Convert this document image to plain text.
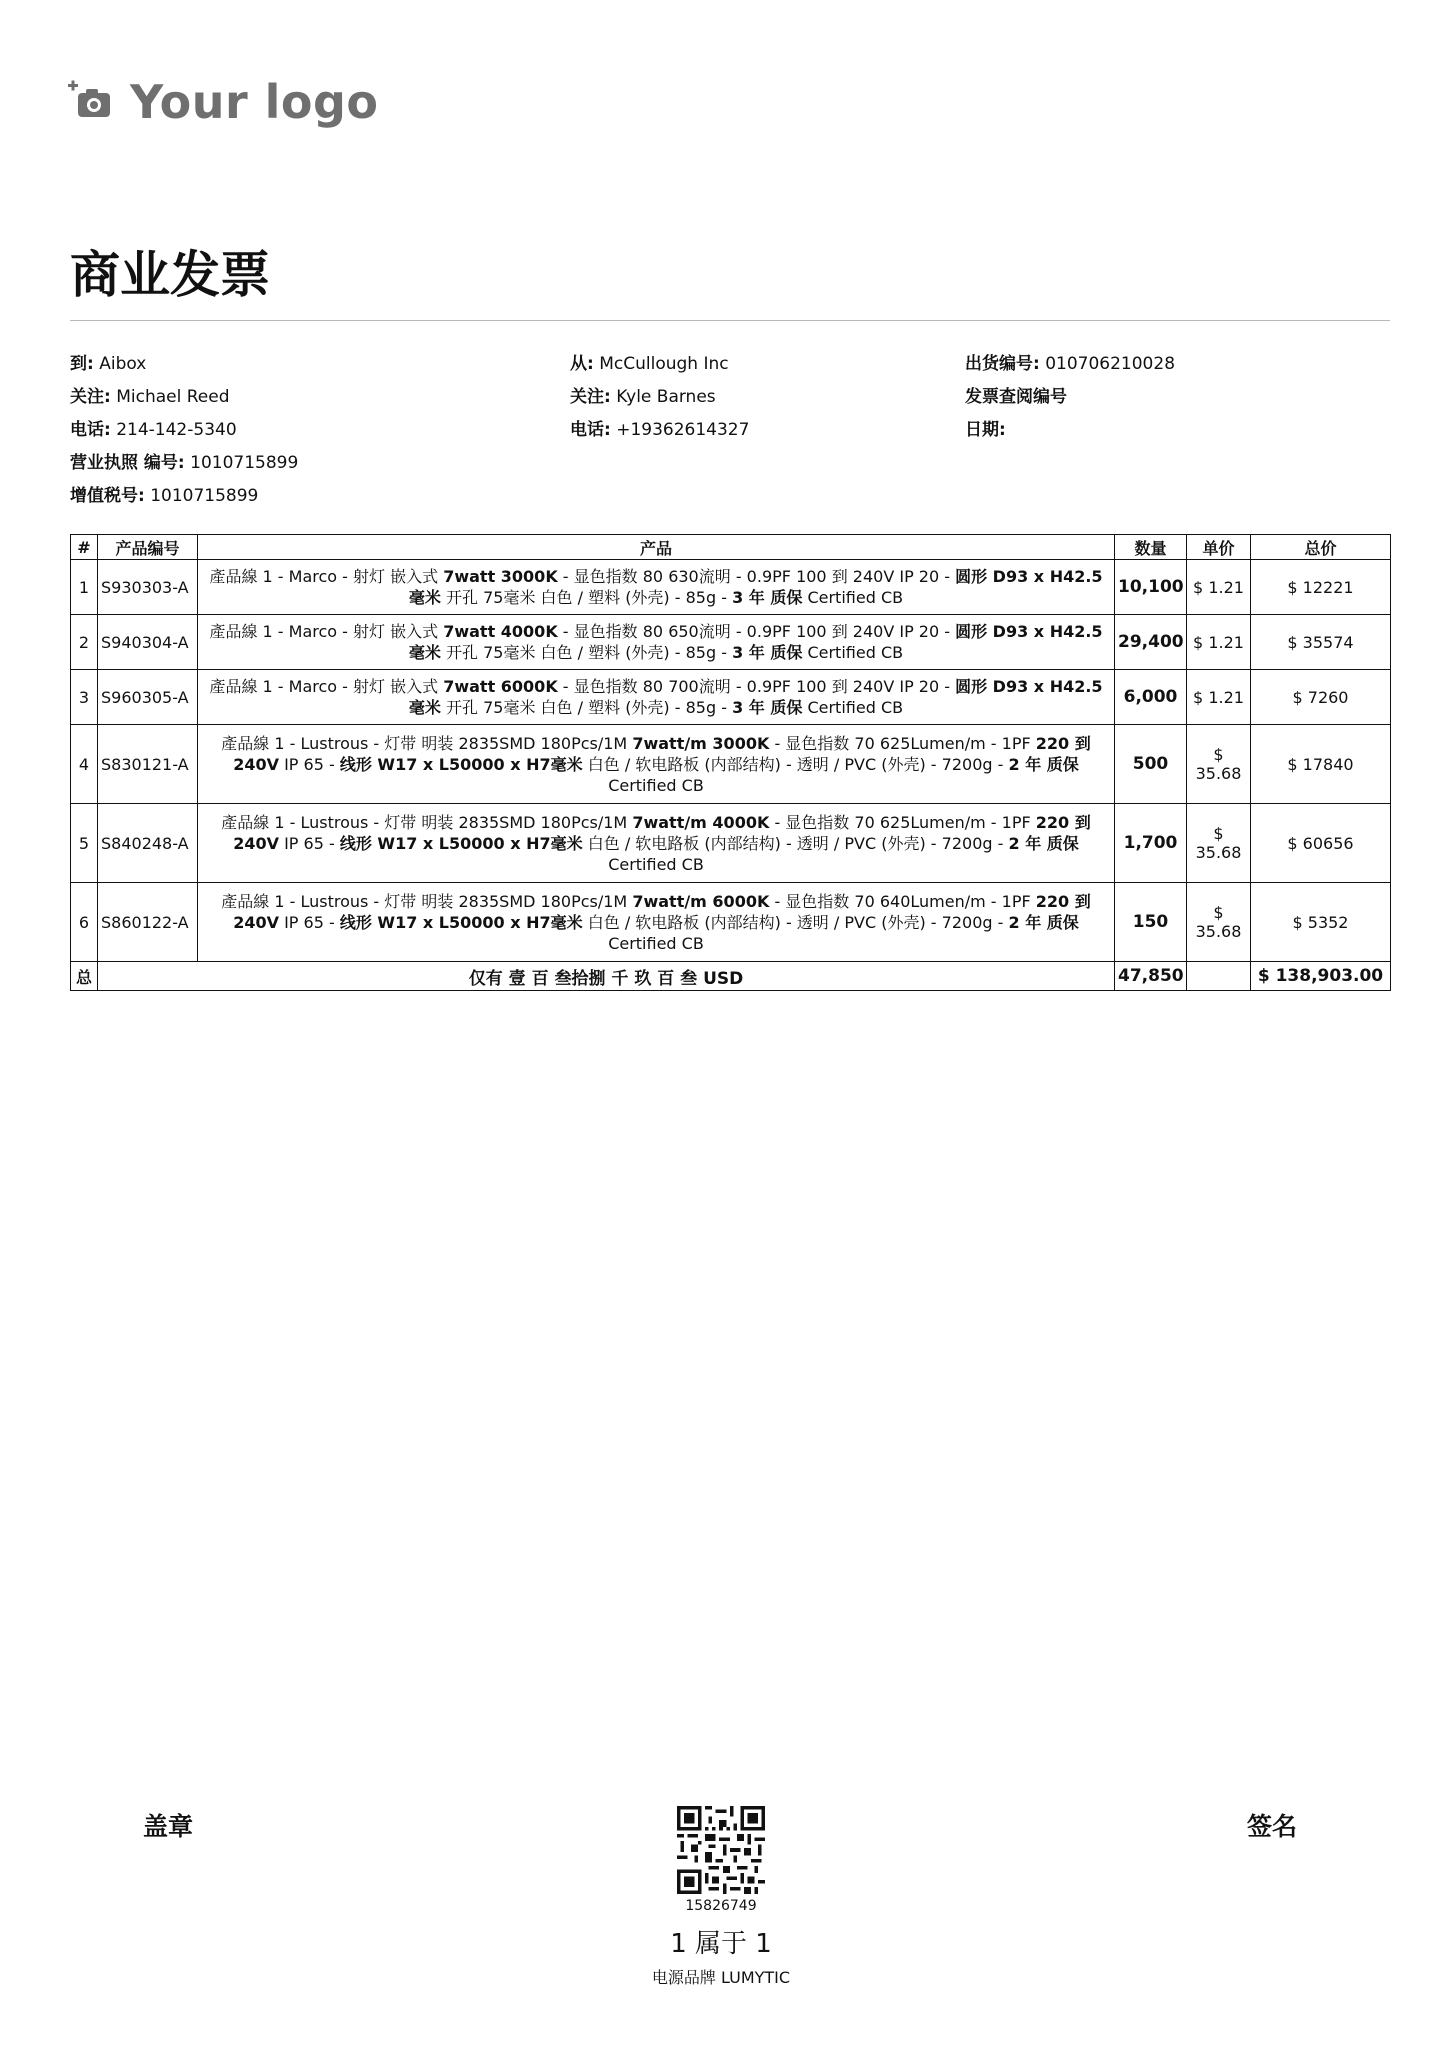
Your logo
商业发票
到: Aibox
关注: Michael Reed
电话: 214-142-5340
营业执照 编号: 1010715899
增值税号: 1010715899
从: McCullough Inc
关注: Kyle Barnes
电话: +19362614327
出货编号: 010706210028
发票查阅编号
日期:
#	产品编号	产品	数量	单价	总价
1	S930303-A	產品線 1 - Marco - 射灯 嵌入式 7watt 3000K - 显色指数 80 630流明 - 0.9PF 100 到 240V IP 20 - 圆形 D93 x H42.5毫米 开孔 75毫米 白色 / 塑料 (外壳) - 85g - 3 年 质保 Certified CB	10,100	$ 1.21	$ 12221
2	S940304-A	產品線 1 - Marco - 射灯 嵌入式 7watt 4000K - 显色指数 80 650流明 - 0.9PF 100 到 240V IP 20 - 圆形 D93 x H42.5毫米 开孔 75毫米 白色 / 塑料 (外壳) - 85g - 3 年 质保 Certified CB	29,400	$ 1.21	$ 35574
3	S960305-A	產品線 1 - Marco - 射灯 嵌入式 7watt 6000K - 显色指数 80 700流明 - 0.9PF 100 到 240V IP 20 - 圆形 D93 x H42.5毫米 开孔 75毫米 白色 / 塑料 (外壳) - 85g - 3 年 质保 Certified CB	6,000	$ 1.21	$ 7260
4	S830121-A	產品線 1 - Lustrous - 灯带 明装 2835SMD 180Pcs/1M 7watt/m 3000K - 显色指数 70 625Lumen/m - 1PF 220 到 240V IP 65 - 线形 W17 x L50000 x H7毫米 白色 / 软电路板 (内部结构) - 透明 / PVC (外壳) - 7200g - 2 年 质保 Certified CB	500	$ 35.68	$ 17840
5	S840248-A	產品線 1 - Lustrous - 灯带 明装 2835SMD 180Pcs/1M 7watt/m 4000K - 显色指数 70 625Lumen/m - 1PF 220 到 240V IP 65 - 线形 W17 x L50000 x H7毫米 白色 / 软电路板 (内部结构) - 透明 / PVC (外壳) - 7200g - 2 年 质保 Certified CB	1,700	$ 35.68	$ 60656
6	S860122-A	產品線 1 - Lustrous - 灯带 明装 2835SMD 180Pcs/1M 7watt/m 6000K - 显色指数 70 640Lumen/m - 1PF 220 到 240V IP 65 - 线形 W17 x L50000 x H7毫米 白色 / 软电路板 (内部结构) - 透明 / PVC (外壳) - 7200g - 2 年 质保 Certified CB	150	$ 35.68	$ 5352
总	仅有 壹 百 叁拾捌 千 玖 百 叁 USD		47,850		$ 138,903.00
盖章	签名
15826749
1 属于 1
电源品牌 LUMYTIC
